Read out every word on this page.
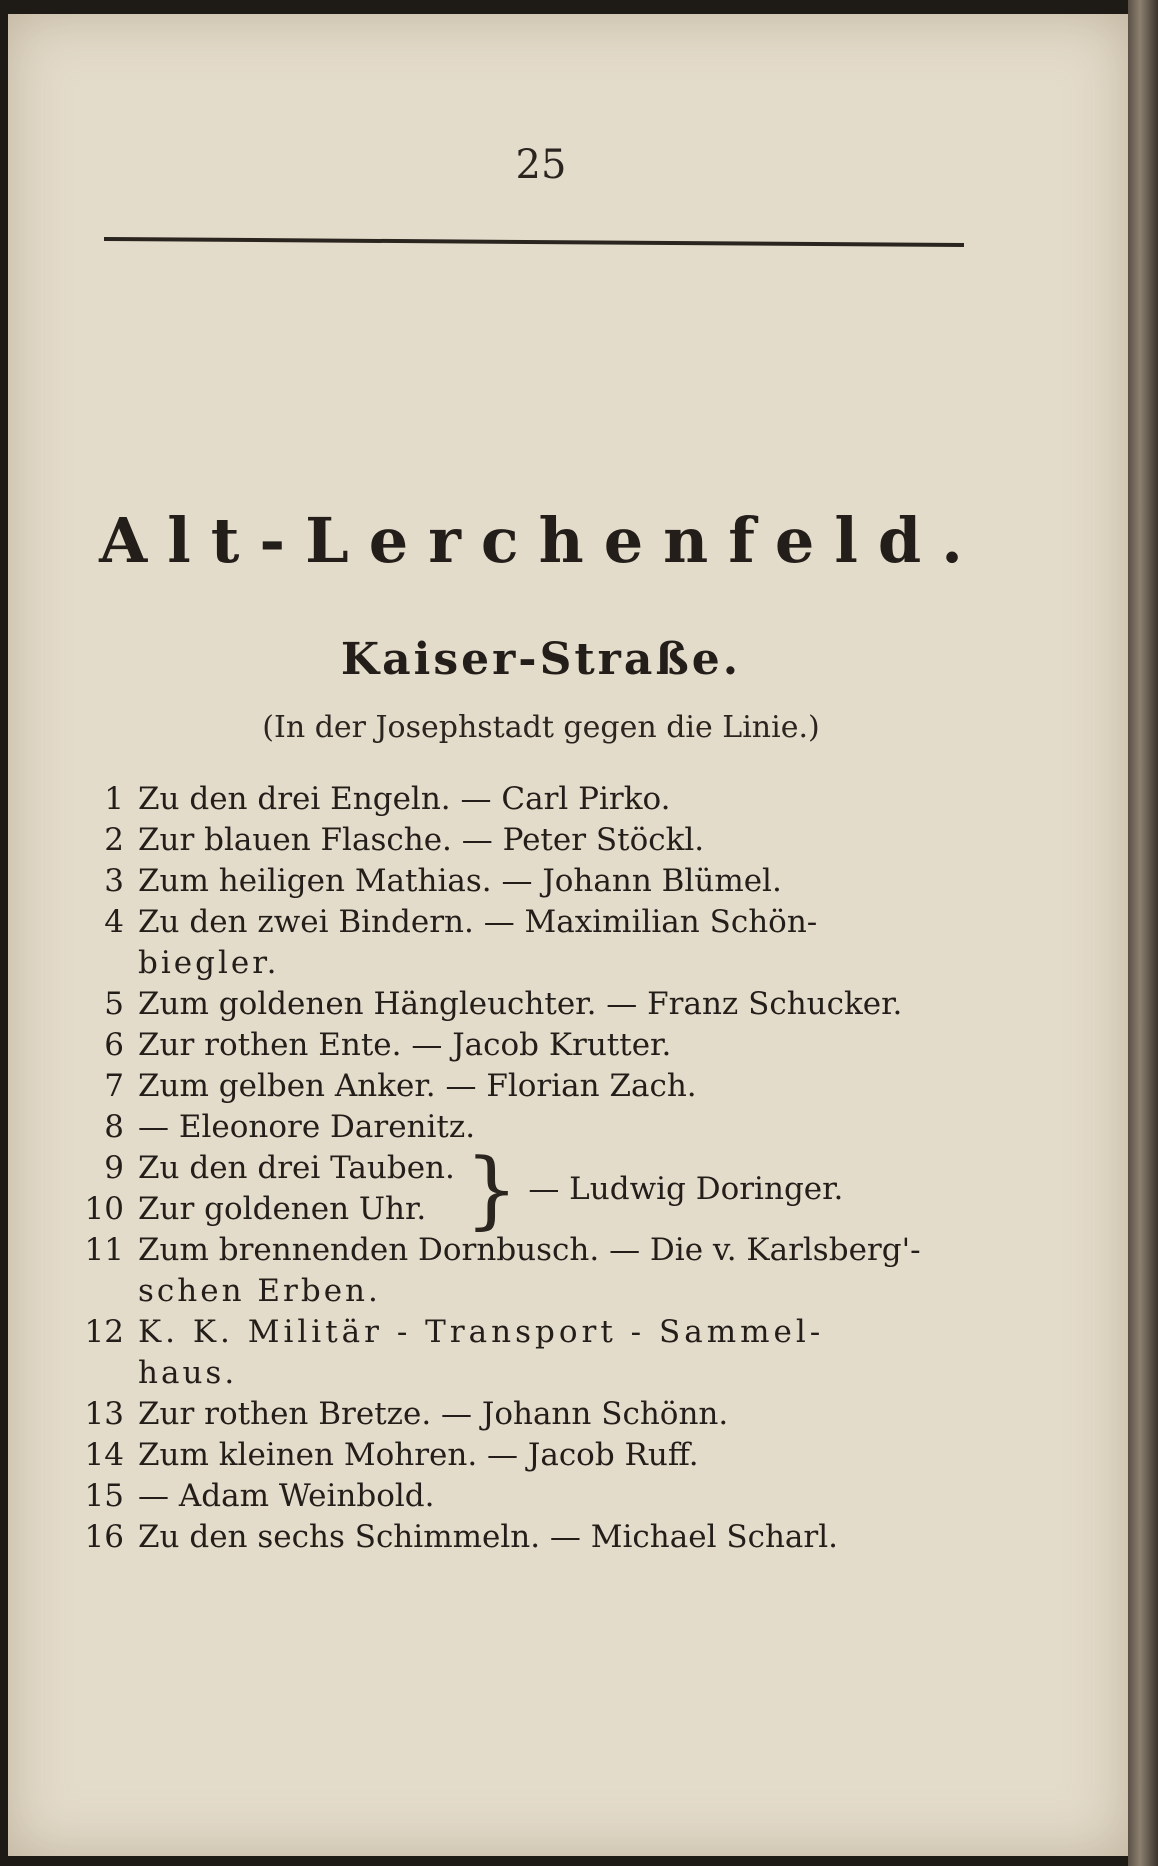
25
Alt-Lerchenfeld.
Kaiser-Straße.
(In der Josephstadt gegen die Linie.)
1 Zu den drei Engeln. — Carl Pirko.
2 Zur blauen Flasche. — Peter Stöckl.
3 Zum heiligen Mathias. — Johann Blümel.
4 Zu den zwei Bindern. — Maximilian Schön-
biegler.
5 Zum goldenen Hängleuchter. — Franz Schucker.
6 Zur rothen Ente. — Jacob Krutter.
7 Zum gelben Anker. — Florian Zach.
8 — Eleonore Darenitz.
9 Zu den drei Tauben.
10 Zur goldenen Uhr. } — Ludwig Doringer.
11 Zum brennenden Dornbusch. — Die v. Karlsberg'-
schen Erben.
12 K. K. Militär - Transport - Sammel-
haus.
13 Zur rothen Bretze. — Johann Schönn.
14 Zum kleinen Mohren. — Jacob Ruff.
15 — Adam Weinbold.
16 Zu den sechs Schimmeln. — Michael Scharl.
